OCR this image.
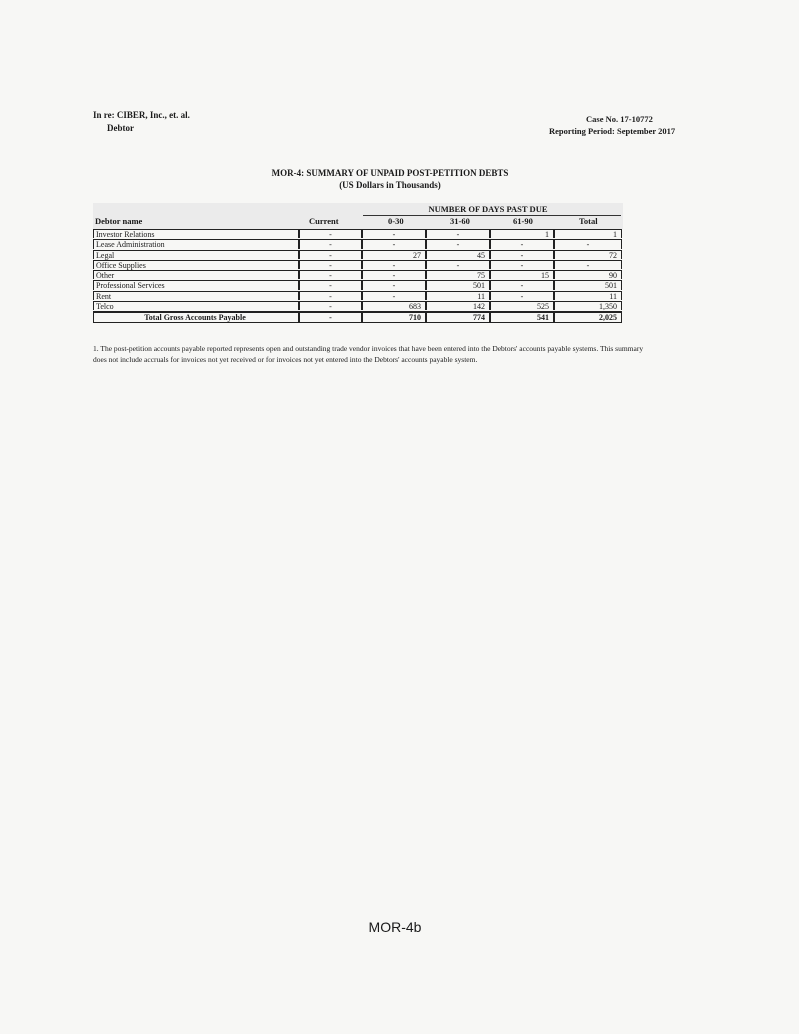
In re: CIBER, Inc., et. al.
Debtor
Case No. 17-10772
Reporting Period: September 2017
MOR-4: SUMMARY OF UNPAID POST-PETITION DEBTS
(US Dollars in Thousands)
NUMBER OF DAYS PAST DUE
Debtor name	Current	0-30	31-60	61-90	Total
Investor Relations	-	-	-	1	1
Lease Administration	-	-	-	-	-
Legal	-	27	45	-	72
Office Supplies	-	-	-	-	-
Other	-	-	75	15	90
Professional Services	-	-	501	-	501
Rent	-	-	11	-	11
Telco	-	683	142	525	1,350
Total Gross Accounts Payable	-	710	774	541	2,025
1. The post-petition accounts payable reported represents open and outstanding trade vendor invoices that have been entered into the Debtors' accounts payable systems. This summary does not include accruals for invoices not yet received or for invoices not yet entered into the Debtors' accounts payable system.
MOR-4b
